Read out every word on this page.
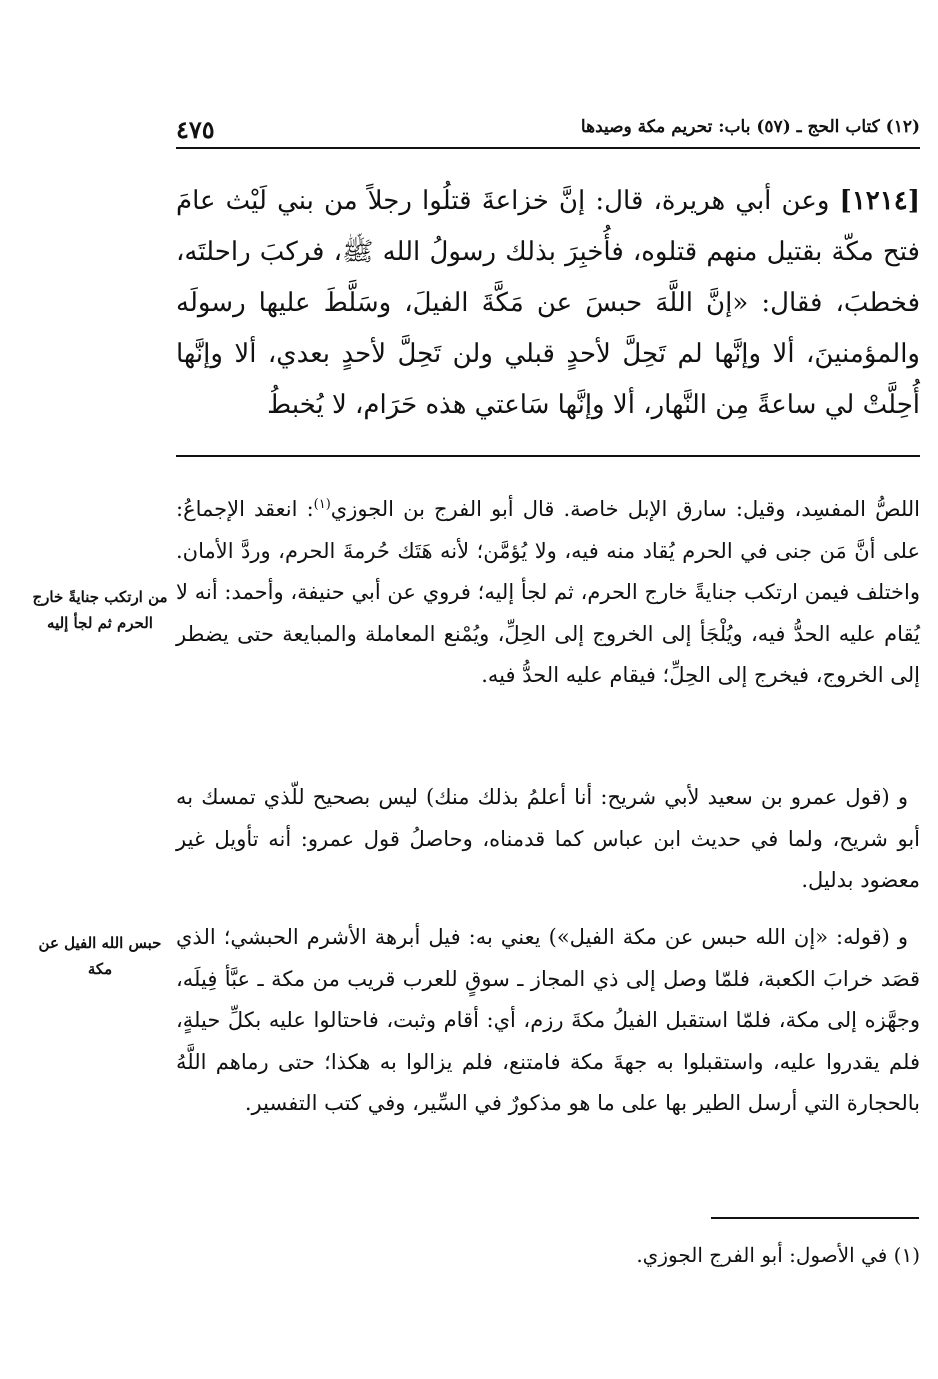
٤٧٥	(١٢) كتاب الحج ـ (٥٧) باب: تحريم مكة وصيدها
[١٢١٤] وعن أبي هريرة، قال: إنَّ خزاعةَ قتلُوا رجلاً من بني لَيْث عامَ فتح مكّة بقتيل منهم قتلوه، فأُخبِرَ بذلك رسولُ الله ﷺ، فركبَ راحلتَه، فخطبَ، فقال: «إنَّ اللَّهَ حبسَ عن مَكَّةَ الفيلَ، وسَلَّطَ عليها رسولَه والمؤمنينَ، ألا وإنَّها لم تَحِلَّ لأحدٍ قبلي ولن تَحِلَّ لأحدٍ بعدي، ألا وإنَّها أُحِلَّتْ لي ساعةً مِن النَّهار، ألا وإنَّها سَاعتي هذه حَرَام، لا يُخبطُ
اللصُّ المفسِد، وقيل: سارق الإبل خاصة. قال أبو الفرج بن الجوزي$^{(١)}$: انعقد الإجماعُ: على أنَّ مَن جنى في الحرم يُقاد منه فيه، ولا يُؤمَّن؛ لأنه هَتَك حُرمةَ الحرم، وردَّ الأمان. واختلف فيمن ارتكب جنايةً خارج الحرم، ثم لجأ إليه؛ فروي عن أبي حنيفة، وأحمد: أنه لا يُقام عليه الحدُّ فيه، ويُلْجَأ إلى الخروج إلى الحِلِّ، ويُمْنع المعاملة والمبايعة حتى يضطر إلى الخروج، فيخرج إلى الحِلِّ؛ فيقام عليه الحدُّ فيه.
و (قول عمرو بن سعيد لأبي شريح: أنا أعلمُ بذلك منك) ليس بصحيح للّذي تمسك به أبو شريح، ولما في حديث ابن عباس كما قدمناه، وحاصلُ قول عمرو: أنه تأويل غير معضود بدليل.
و (قوله: «إن الله حبس عن مكة الفيل») يعني به: فيل أبرهة الأشرم الحبشي؛ الذي قصَد خرابَ الكعبة، فلمّا وصل إلى ذي المجاز ـ سوقٍ للعرب قريب من مكة ـ عبَّأ فِيلَه، وجهَّزه إلى مكة، فلمّا استقبل الفيلُ مكةَ رزم، أي: أقام وثبت، فاحتالوا عليه بكلِّ حيلةٍ، فلم يقدروا عليه، واستقبلوا به جهةَ مكة فامتنع، فلم يزالوا به هكذا؛ حتى رماهم اللَّهُ بالحجارة التي أرسل الطير بها على ما هو مذكورٌ في السِّير، وفي كتب التفسير.
من ارتكب جنايةً خارج الحرم ثم لجأ إليه
حبس الله الفيل عن مكة
(١) في الأصول: أبو الفرج الجوزي.
